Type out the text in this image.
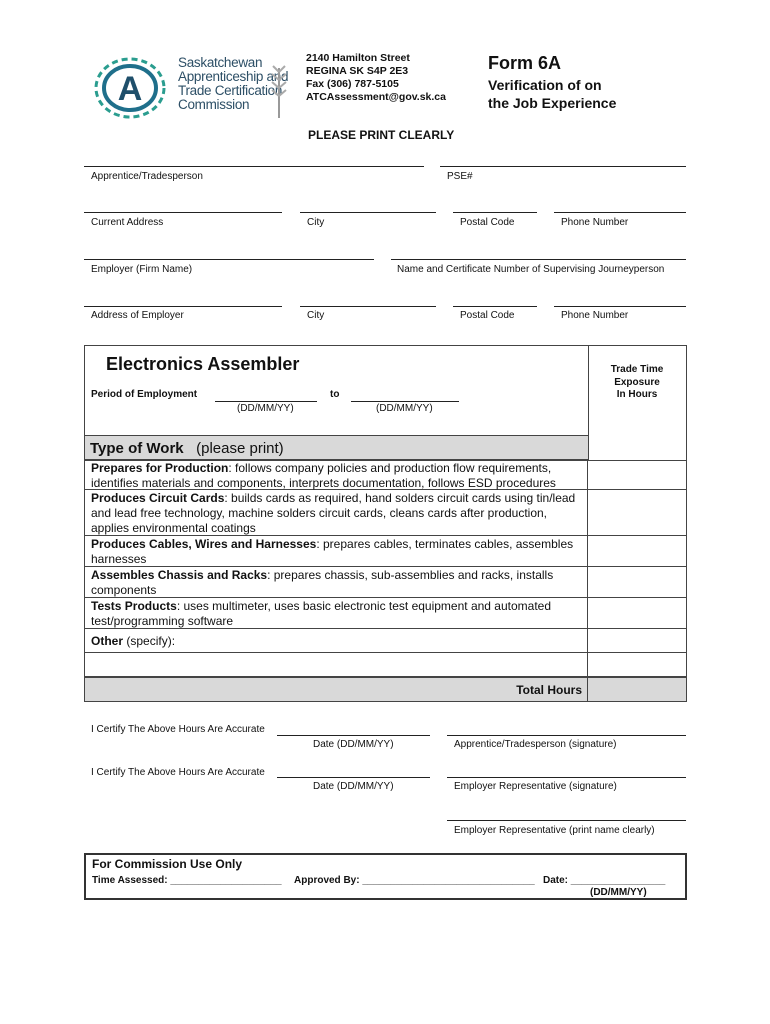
A
Saskatchewan
Apprenticeship and
Trade Certification
Commission
2140 Hamilton Street
REGINA SK S4P 2E3
Fax (306) 787-5105
ATCAssessment@gov.sk.ca
Form 6A
Verification of on
the Job Experience
PLEASE PRINT CLEARLY
Apprentice/Tradesperson	PSE#
Current Address	City	Postal Code	Phone Number
Employer (Firm Name)	Name and Certificate Number of Supervising Journeyperson
Address of Employer	City	Postal Code	Phone Number
Electronics Assembler	Trade Time
Exposure
In Hours
Period of Employment	to
(DD/MM/YY)	(DD/MM/YY)
Type of Work (please print)
Prepares for Production: follows company policies and production flow requirements, identifies materials and components, interprets documentation, follows ESD procedures
Produces Circuit Cards: builds cards as required, hand solders circuit cards using tin/lead and lead free technology, machine solders circuit cards, cleans cards after production, applies environmental coatings
Produces Cables, Wires and Harnesses: prepares cables, terminates cables, assembles harnesses
Assembles Chassis and Racks: prepares chassis, sub-assemblies and racks, installs components
Tests Products: uses multimeter, uses basic electronic test equipment and automated test/programming software
Other (specify):
Total Hours
I Certify The Above Hours Are Accurate
Date (DD/MM/YY)	Apprentice/Tradesperson (signature)
I Certify The Above Hours Are Accurate
Date (DD/MM/YY)	Employer Representative (signature)
Employer Representative (print name clearly)
For Commission Use Only
Time Assessed: ____________________ Approved By: _______________________________ Date: _________________
(DD/MM/YY)
